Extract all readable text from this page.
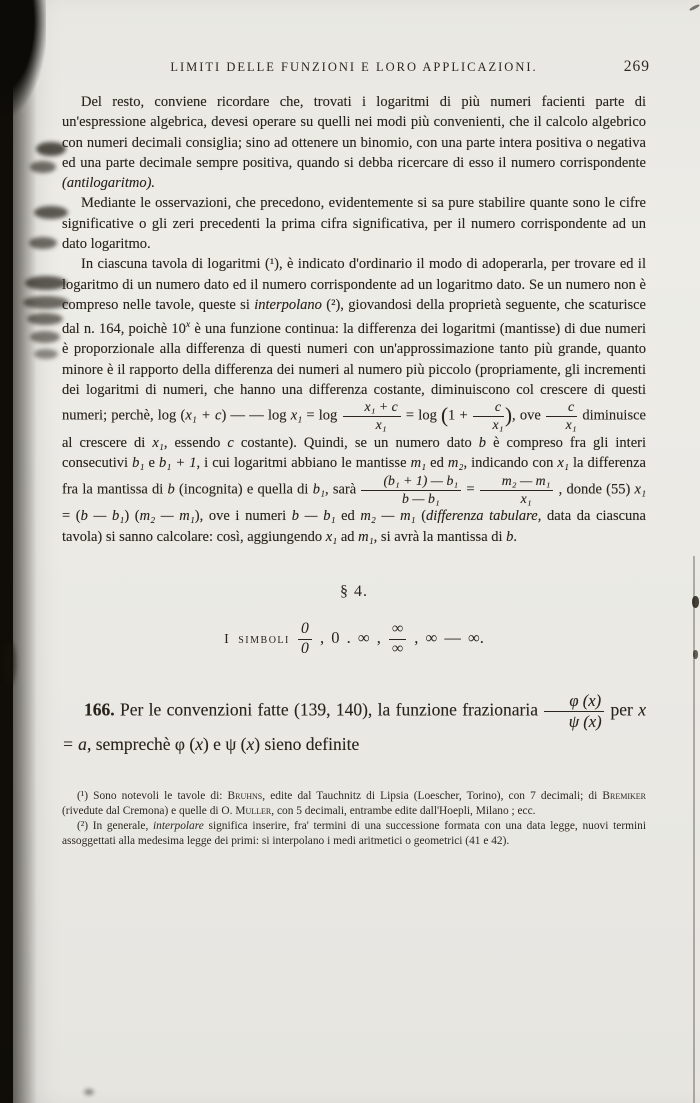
LIMITI DELLE FUNZIONI E LORO APPLICAZIONI.	269

Del resto, conviene ricordare che, trovati i logaritmi di più numeri facienti parte di un'espressione algebrica, devesi operare su quelli nei modi più convenienti, che il calcolo algebrico con numeri decimali consiglia; sino ad ottenere un binomio, con una parte intera positiva o negativa ed una parte decimale sempre positiva, quando si debba ricercare di esso il numero corrispondente (antilogaritmo).

Mediante le osservazioni, che precedono, evidentemente si sa pure stabilire quante sono le cifre significative o gli zeri precedenti la prima cifra significativa, per il numero corrispondente ad un dato logaritmo.

In ciascuna tavola di logaritmi (¹), è indicato d'ordinario il modo di adoperarla, per trovare ed il logaritmo di un numero dato ed il numero corrispondente ad un logaritmo dato. Se un numero non è compreso nelle tavole, queste si interpolano (²), giovandosi della proprietà seguente, che scaturisce dal n. 164, poichè 10$^x$ è una funzione continua: la differenza dei logaritmi (mantisse) di due numeri è proporzionale alla differenza di questi numeri con un'approssimazione tanto più grande, quanto minore è il rapporto della differenza dei numeri al numero più piccolo (propriamente, gli incrementi dei logaritmi di numeri, che hanno una differenza costante, diminuiscono col crescere di questi numeri; perchè, log (x₁ + c) — — $\log x_1 = \log \frac{\text{x₁ + c}}{\text{x₁}} = \log (1 + \frac{c}{\text{x₁}}$ ), ove $\frac{c}{\text{x₁}}$ diminuisce al crescere di x₁, essendo c costante). Quindi, se un numero dato b è compreso fra gli interi consecutivi b₁ e b₁ + 1, i cui logaritmi abbiano le mantisse m₁ ed m₂, indicando con x₁ la differenza fra la mantissa di b (incognita) e quella di b₁, sarà $\frac{\text{(b₁ + 1) — b₁}}{\text{b — b₁}} = \frac{\text{m₂ — m₁}}{\text{x₁}}$ , donde (55) x₁ = (b — b₁) (m₂ — m₁), ove i numeri b — b₁ ed m₂ — m₁ (differenza tabulare, data da ciascuna tavola) si sanno calcolare: così, aggiungendo x₁ ad m₁, si avrà la mantissa di b.

§ 4.
I simboli $\frac{0}{0}$ , 0 . ∞ , $\frac{\infty}{\infty}$ , ∞ — ∞.

166. Per le convenzioni fatte (139, 140), la funzione frazionaria $\frac{\varphi (x)}{\psi (x)}$ per x = a, semprechè φ (x) e ψ (x) sieno definite

(¹) Sono notevoli le tavole di: Bruhns, edite dal Tauchnitz di Lipsia (Loescher, Torino), con 7 decimali; di Bremiker (rivedute dal Cremona) e quelle di O. Muller, con 5 decimali, entrambe edite dall'Hoepli, Milano ; ecc.

(²) In generale, interpolare significa inserire, fra' termini di una successione formata con una data legge, nuovi termini assoggettati alla medesima legge dei primi: si interpolano i medi aritmetici o geometrici (41 e 42).
